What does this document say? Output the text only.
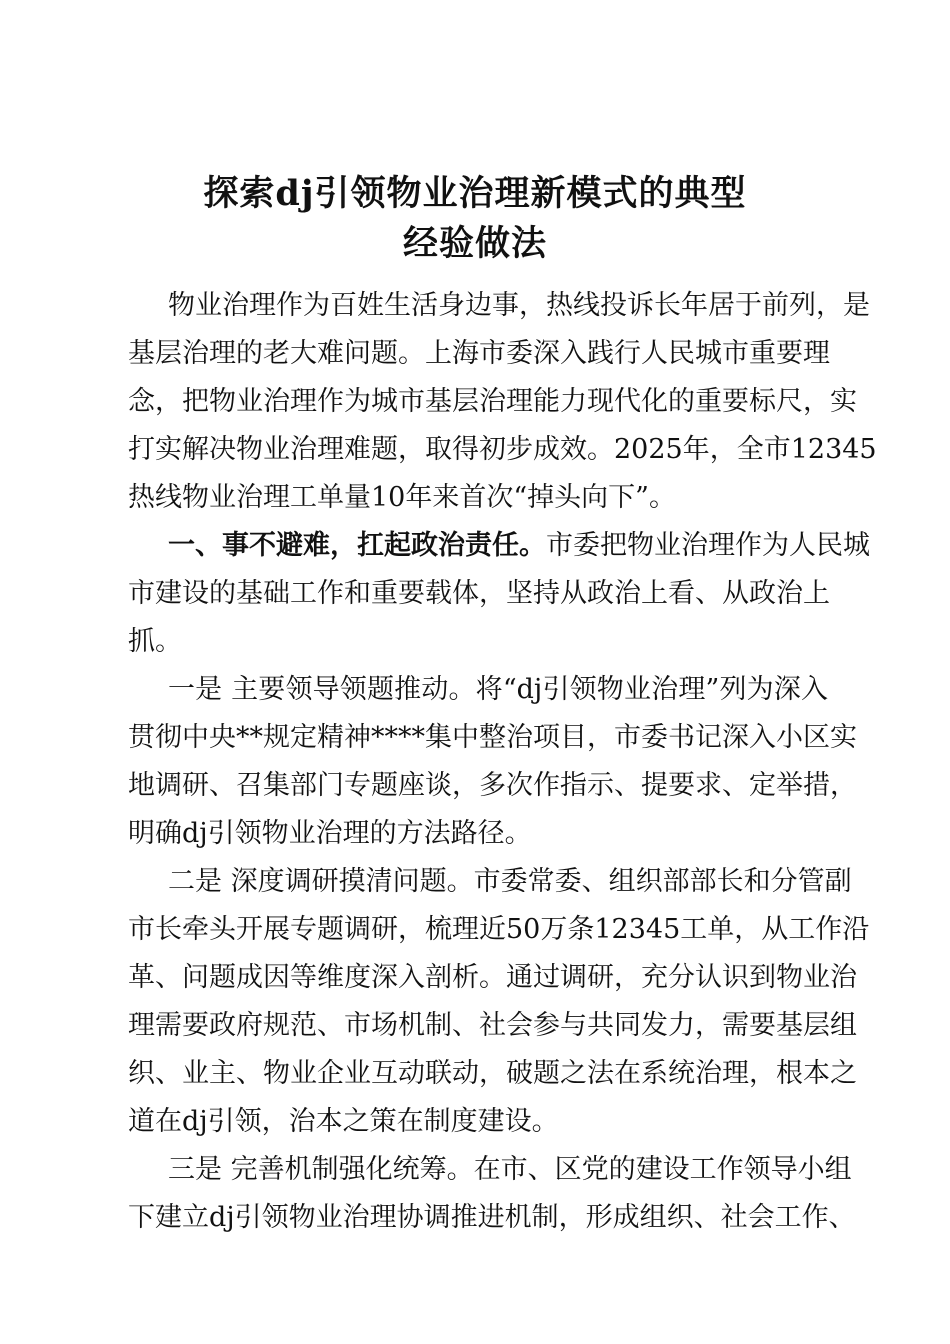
探索dj引领物业治理新模式的典型
经验做法
物业治理作为百姓生活身边事，热线投诉长年居于前列，是
基层治理的老大难问题。上海市委深入践行人民城市重要理
念，把物业治理作为城市基层治理能力现代化的重要标尺，实
打实解决物业治理难题，取得初步成效。2025年，全市12345
热线物业治理工单量10年来首次“掉头向下”。
一、事不避难，扛起政治责任。市委把物业治理作为人民城
市建设的基础工作和重要载体，坚持从政治上看、从政治上
抓。
一是 主要领导领题推动。将“dj引领物业治理”列为深入
贯彻中央**规定精神****集中整治项目，市委书记深入小区实
地调研、召集部门专题座谈，多次作指示、提要求、定举措，
明确dj引领物业治理的方法路径。
二是 深度调研摸清问题。市委常委、组织部部长和分管副
市长牵头开展专题调研，梳理近50万条12345工单，从工作沿
革、问题成因等维度深入剖析。通过调研，充分认识到物业治
理需要政府规范、市场机制、社会参与共同发力，需要基层组
织、业主、物业企业互动联动，破题之法在系统治理，根本之
道在dj引领，治本之策在制度建设。
三是 完善机制强化统筹。在市、区党的建设工作领导小组
下建立dj引领物业治理协调推进机制，形成组织、社会工作、
